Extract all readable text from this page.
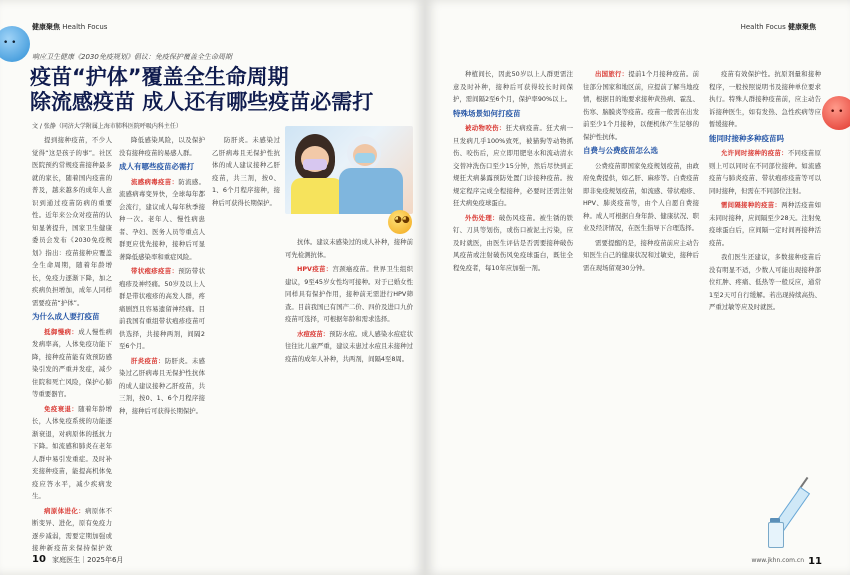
• •
健康聚焦 Health Focus
响应卫生健康《2030免疫规划》倡议：免疫保护覆盖全生命周期
疫苗“护体”覆盖全生命周期
除流感疫苗 成人还有哪些疫苗必需打
文 / 张静（同济大学附属上海市肺科医院呼吸内科主任）

提到接种疫苗，不少人觉得“这是孩子的事”。社区医院预约常规疫苗接种最多就的家长，随着国内疫苗的普及，越来越多的成年人意识到通过疫苗防病的重要性。近年来公众对疫苗的认知显著提升，国家卫生健康委员会发布《2030免疫规划》指出：疫苗接种应覆盖全生命周期，随着年龄增长，免疫力逐渐下降，加之疾病负担增加，成年人同样需要疫苗“护体”。

为什么成人要打疫苗

抵御慢病：成人慢性病发病率高，人体免疫功能下降，接种疫苗能有效预防感染引发的严重并发症，减少住院和死亡风险，保护心肺等重要器官。

免疫衰退：随着年龄增长，人体免疫系统的功能逐渐衰退，对病原体的抵抗力下降。如流感和肺炎在老年人群中易引发重症。及时补充接种疫苗，能提高机体免疫应答水平，减少疾病发生。

病原体进化：病原体不断变异、进化，原有免疫力逐步减弱，需要定期加强或接种新疫苗来保持保护效

降低感染风险，以及保护没有接种疫苗的易感人群。

成人有哪些疫苗必需打

流感病毒疫苗：防流感。流感病毒变异快，全球每年都会流行，建议成人每年秋季接种一次。老年人、慢性病患者、孕妇、医务人员等重点人群更应优先接种，接种后可显著降低感染率和重症风险。

带状疱疹疫苗：预防带状疱疹及神经痛。50岁及以上人群是带状疱疹的高发人群，疼痛剧烈且容易遗留神经痛。目前我国有重组带状疱疹疫苗可供选择，共接种两剂，间隔2至6个月。

肝炎疫苗：防肝炎。未感染过乙肝病毒且无保护性抗体的成人建议接种乙肝疫苗，共三剂，按0、1、6个月程序接种，接种后可获得长期保护。

抗体。建议未感染过的成人补种，接种前可先检测抗体。

HPV疫苗：宫颈癌疫苗。世界卫生组织建议，9至45岁女性均可接种。对于已婚女性同样具有保护作用，接种前无需进行HPV筛查。目前我国已有国产二价、四价及进口九价疫苗可选择，可根据年龄和需求选择。

水痘疫苗：预防水痘。成人感染水痘症状往往比儿童严重，建议未患过水痘且未接种过疫苗的成年人补种，共两剂，间隔4至8周。

防肝炎。未感染过乙肝病毒且无保护性抗体的成人建议接种乙肝疫苗，共三剂，按0、1、6个月程序接种，接种后可获得长期保护。

◕◕
10 家庭医生｜2025年6月
Health Focus 健康聚焦
• •

种植间长，因此50岁以上人群更需注意及时补种，接种后可获得较长时间保护，需间隔2至6个月，保护率90%以上。

特殊场景如何打疫苗

被动物咬伤：狂犬病疫苗。狂犬病一旦发病几乎100%致死，被猫狗等动物抓伤、咬伤后，应立即用肥皂水和流动清水交替冲洗伤口至少15分钟，然后尽快到正规狂犬病暴露预防处置门诊接种疫苗。按规定程序完成全程接种，必要时还需注射狂犬病免疫球蛋白。

外伤处理：破伤风疫苗。被生锈的铁钉、刀具等划伤，或伤口被泥土污染，应及时就医，由医生评估是否需要接种破伤风疫苗或注射破伤风免疫球蛋白，既往全程免疫者，每10年应加强一剂。

出国旅行：提前1个月接种疫苗。前往部分国家和地区前，应提前了解当地疫情，根据目的地要求接种黄热病、霍乱、伤寒、脑膜炎等疫苗。疫苗一般需在出发前至少1个月接种，以便机体产生足够的保护性抗体。

自费与公费疫苗怎么选

公费疫苗即国家免疫规划疫苗，由政府免费提供，如乙肝、麻疹等。自费疫苗即非免疫规划疫苗，如流感、带状疱疹、HPV、肺炎疫苗等，由个人自愿自费接种。成人可根据自身年龄、健康状况、职业及经济情况，在医生指导下合理选择。

需要提醒的是，接种疫苗前应主动告知医生自己的健康状况和过敏史，接种后需在现场留观30分钟。

疫苗有效保护性。抗原剂量和接种程序，一般按照说明书及接种单位要求执行。特殊人群接种疫苗前，应主动告诉接种医生，如有发热、急性疾病等应暂缓接种。

能同时接种多种疫苗吗

允许同时接种的疫苗：不同疫苗原则上可以同时在不同部位接种。如流感疫苗与肺炎疫苗、带状疱疹疫苗等可以同时接种，但需在不同部位注射。

需间隔接种的疫苗：两种活疫苗如未同时接种，应间隔至少28天。注射免疫球蛋白后，应间隔一定时间再接种活疫苗。

我们医生还建议，多数接种疫苗后没有明显不适，少数人可能出现接种部位红肿、疼痛、低热等一般反应，通常1至2天可自行缓解。若出现持续高热、严重过敏等应及时就医。

www.jkhn.com.cn 11
